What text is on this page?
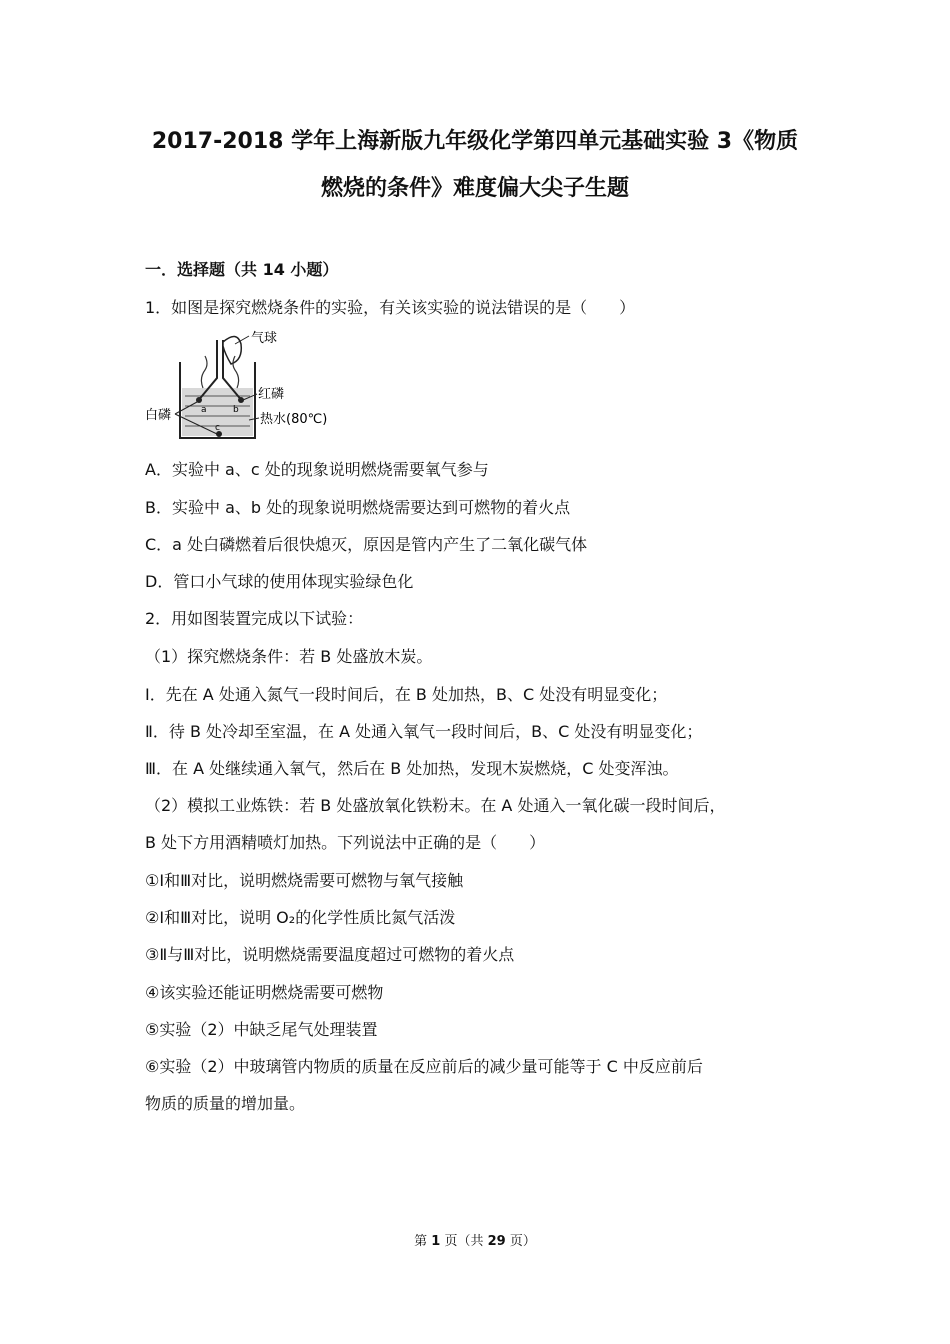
2017-2018 学年上海新版九年级化学第四单元基础实验 3《物质
燃烧的条件》难度偏大尖子生题
一．选择题（共 14 小题）
1．如图是探究燃烧条件的实验，有关该实验的说法错误的是（　　）
气球
红磷
热水(80℃)
白磷	a	b
c
A．实验中 a、c 处的现象说明燃烧需要氧气参与
B．实验中 a、b 处的现象说明燃烧需要达到可燃物的着火点
C．a 处白磷燃着后很快熄灭，原因是管内产生了二氧化碳气体
D．管口小气球的使用体现实验绿色化
2．用如图装置完成以下试验：
（1）探究燃烧条件：若 B 处盛放木炭。
Ⅰ．先在 A 处通入氮气一段时间后，在 B 处加热，B、C 处没有明显变化；
Ⅱ．待 B 处冷却至室温，在 A 处通入氧气一段时间后，B、C 处没有明显变化；
Ⅲ．在 A 处继续通入氧气，然后在 B 处加热，发现木炭燃烧，C 处变浑浊。
（2）模拟工业炼铁：若 B 处盛放氧化铁粉末。在 A 处通入一氧化碳一段时间后，
B 处下方用酒精喷灯加热。下列说法中正确的是（　　）
①Ⅰ和Ⅲ对比，说明燃烧需要可燃物与氧气接触
②Ⅰ和Ⅲ对比，说明 O₂的化学性质比氮气活泼
③Ⅱ与Ⅲ对比，说明燃烧需要温度超过可燃物的着火点
④该实验还能证明燃烧需要可燃物
⑤实验（2）中缺乏尾气处理装置
⑥实验（2）中玻璃管内物质的质量在反应前后的减少量可能等于 C 中反应前后
物质的质量的增加量。
第 1 页（共 29 页）
